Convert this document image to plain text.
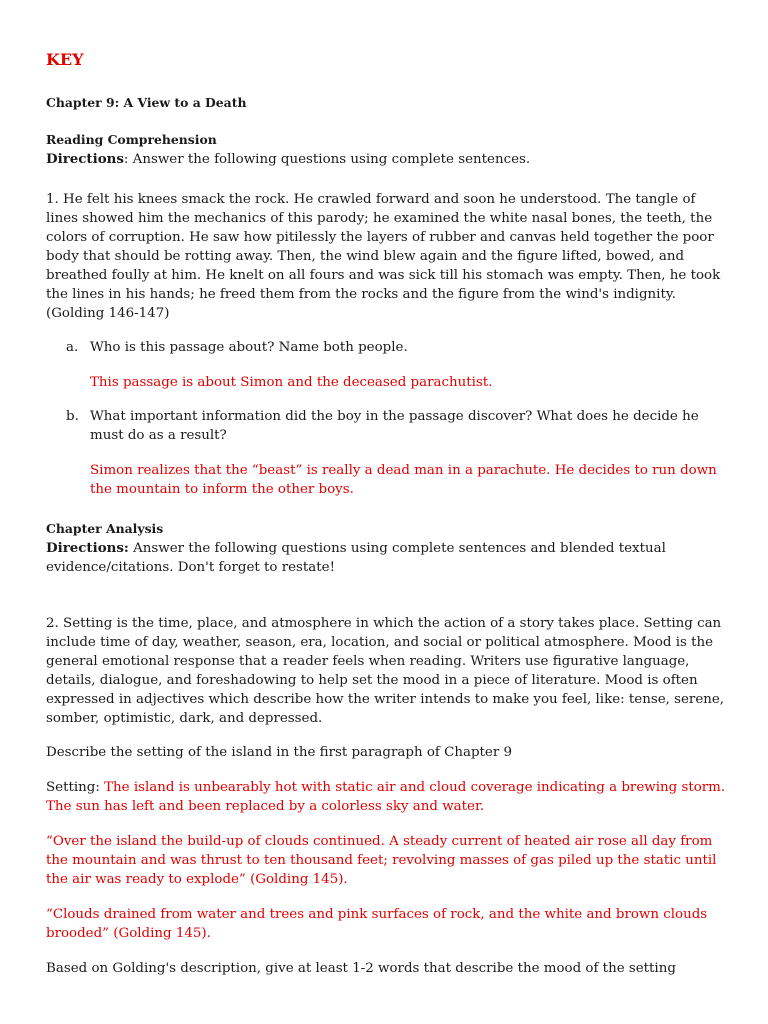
KEY
Chapter 9: A View to a Death
Reading Comprehension
Directions: Answer the following questions using complete sentences.
1. He felt his knees smack the rock. He crawled forward and soon he understood. The tangle of lines showed him the mechanics of this parody; he examined the white nasal bones, the teeth, the colors of corruption. He saw how pitilessly the layers of rubber and canvas held together the poor body that should be rotting away. Then, the wind blew again and the figure lifted, bowed, and breathed foully at him. He knelt on all fours and was sick till his stomach was empty. Then, he took the lines in his hands; he freed them from the rocks and the figure from the wind's indignity. (Golding 146-147)
a. Who is this passage about? Name both people.
This passage is about Simon and the deceased parachutist.
b. What important information did the boy in the passage discover? What does he decide he must do as a result?
Simon realizes that the “beast” is really a dead man in a parachute. He decides to run down the mountain to inform the other boys.
Chapter Analysis
Directions: Answer the following questions using complete sentences and blended textual evidence/citations. Don't forget to restate!
2. Setting is the time, place, and atmosphere in which the action of a story takes place. Setting can include time of day, weather, season, era, location, and social or political atmosphere. Mood is the general emotional response that a reader feels when reading. Writers use figurative language, details, dialogue, and foreshadowing to help set the mood in a piece of literature. Mood is often expressed in adjectives which describe how the writer intends to make you feel, like: tense, serene, somber, optimistic, dark, and depressed.
Describe the setting of the island in the first paragraph of Chapter 9
Setting: The island is unbearably hot with static air and cloud coverage indicating a brewing storm. The sun has left and been replaced by a colorless sky and water.
“Over the island the build-up of clouds continued. A steady current of heated air rose all day from the mountain and was thrust to ten thousand feet; revolving masses of gas piled up the static until the air was ready to explode” (Golding 145).
“Clouds drained from water and trees and pink surfaces of rock, and the white and brown clouds brooded” (Golding 145).
Based on Golding's description, give at least 1-2 words that describe the mood of the setting
